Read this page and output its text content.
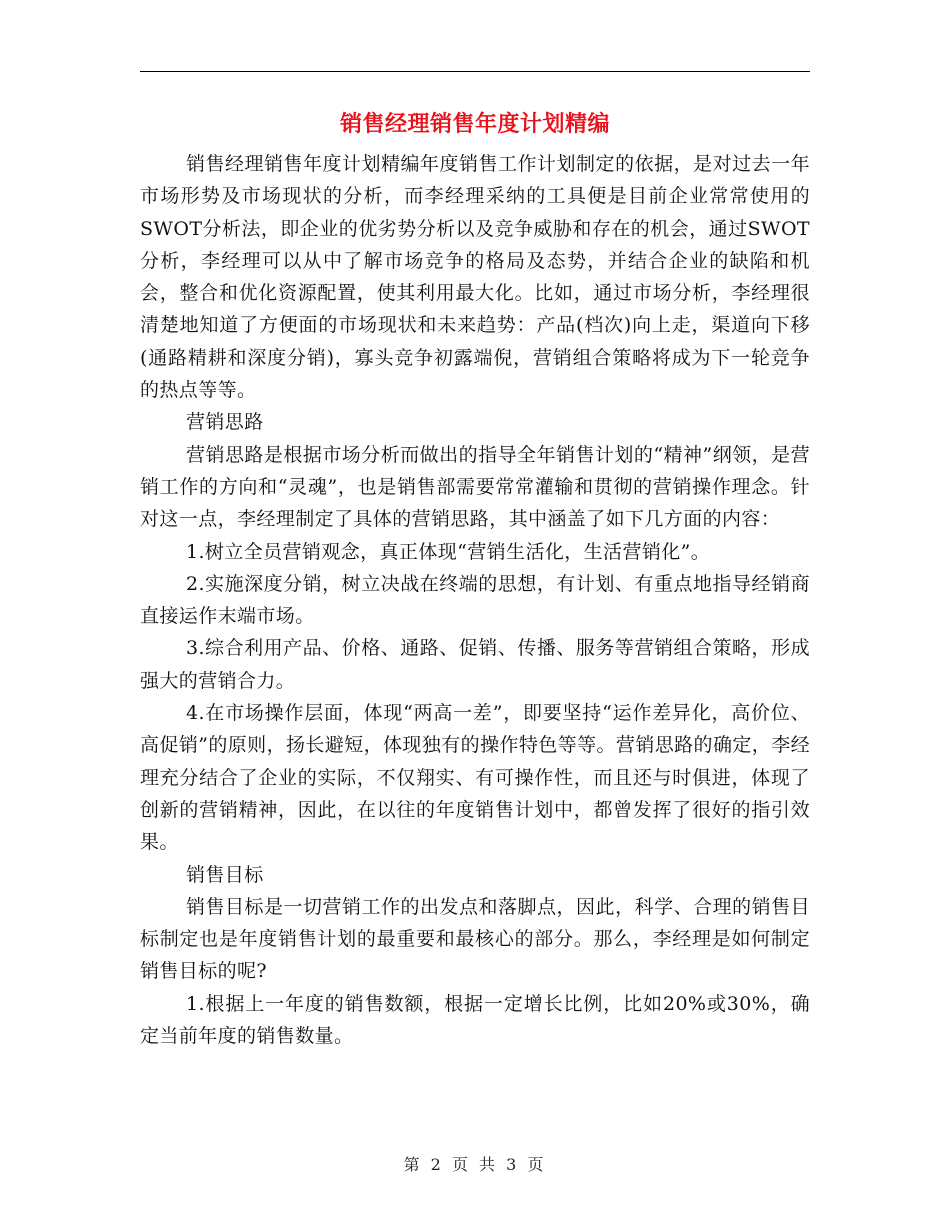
销售经理销售年度计划精编

销售经理销售年度计划精编年度销售工作计划制定的依据，是对过去一年市场形势及市场现状的分析，而李经理采纳的工具便是目前企业常常使用的SWOT分析法，即企业的优劣势分析以及竞争威胁和存在的机会，通过SWOT分析，李经理可以从中了解市场竞争的格局及态势，并结合企业的缺陷和机会，整合和优化资源配置，使其利用最大化。比如，通过市场分析，李经理很清楚地知道了方便面的市场现状和未来趋势：产品(档次)向上走，渠道向下移(通路精耕和深度分销)，寡头竞争初露端倪，营销组合策略将成为下一轮竞争的热点等等。

营销思路

营销思路是根据市场分析而做出的指导全年销售计划的“精神”纲领，是营销工作的方向和“灵魂”，也是销售部需要常常灌输和贯彻的营销操作理念。针对这一点，李经理制定了具体的营销思路，其中涵盖了如下几方面的内容：

1.树立全员营销观念，真正体现“营销生活化，生活营销化”。

2.实施深度分销，树立决战在终端的思想，有计划、有重点地指导经销商直接运作末端市场。

3.综合利用产品、价格、通路、促销、传播、服务等营销组合策略，形成强大的营销合力。

4.在市场操作层面，体现“两高一差”，即要坚持“运作差异化，高价位、高促销”的原则，扬长避短，体现独有的操作特色等等。营销思路的确定，李经理充分结合了企业的实际，不仅翔实、有可操作性，而且还与时俱进，体现了创新的营销精神，因此，在以往的年度销售计划中，都曾发挥了很好的指引效果。

销售目标

销售目标是一切营销工作的出发点和落脚点，因此，科学、合理的销售目标制定也是年度销售计划的最重要和最核心的部分。那么，李经理是如何制定销售目标的呢?

1.根据上一年度的销售数额，根据一定增长比例，比如20%或30%，确定当前年度的销售数量。

第 2 页 共 3 页
